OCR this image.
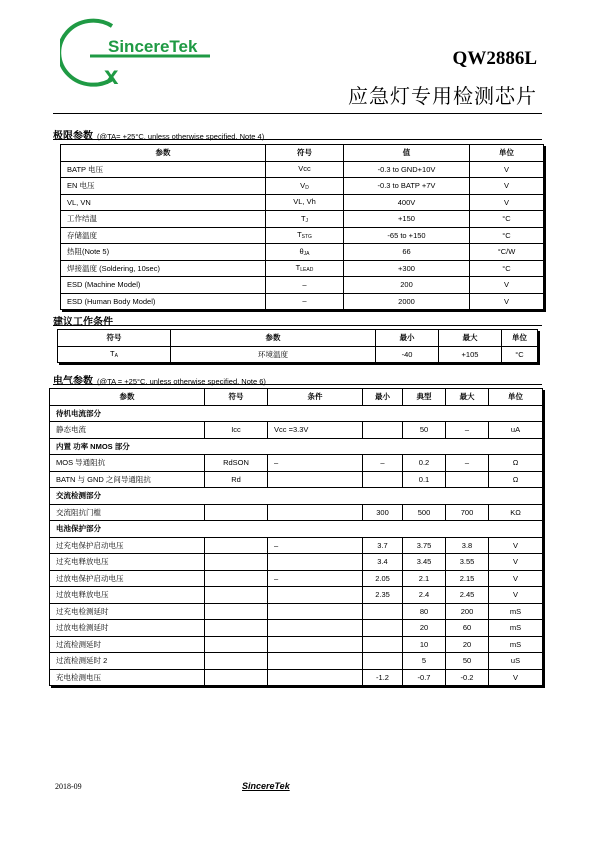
SincereTek
x
QW2886L
应急灯专用检测芯片
极限参数 (@TA= +25°C, unless otherwise specified. Note 4)
参数	符号	值	单位
BATP 电压	Vcc	-0.3 to GND+10V	V
EN 电压	$V_D$	-0.3 to BATP +7V	V
VL, VN	VL, Vh	400V	V
工作结温	$T_J$	+150	°C
存储温度	$T_{STG}$	-65 to +150	°C
热阻(Note 5)	$\theta_{JA}$	66	°C/W
焊接温度 (Soldering, 10sec)	$T_{LEAD}$	+300	°C
ESD (Machine Model)	–	200	V
ESD (Human Body Model)	–	2000	V
建议工作条件
符号	参数	最小	最大	单位
$T_A$	环境温度	-40	+105	°C
电气参数 (@TA = +25°C, unless otherwise specified. Note 6)
参数	符号	条件	最小	典型	最大	单位
待机电流部分						
静态电流	Icc	Vcc =3.3V		50	–	uA
内置 功率 NMOS 部分						
MOS 导通阻抗	RdSON	–	–	0.2	–	Ω
BATN 与 GND 之间导通阻抗	Rd			0.1		Ω
交流检测部分						
交流阻抗门槛			300	500	700	KΩ
电池保护部分						
过充电保护启动电压		–	3.7	3.75	3.8	V
过充电释放电压			3.4	3.45	3.55	V
过放电保护启动电压		–	2.05	2.1	2.15	V
过放电释放电压			2.35	2.4	2.45	V
过充电检测延时				80	200	mS
过放电检测延时				20	60	mS
过流检测延时				10	20	mS
过流检测延时 2				5	50	uS
充电检测电压			-1.2	-0.7	-0.2	V
2018-09	SincereTek
